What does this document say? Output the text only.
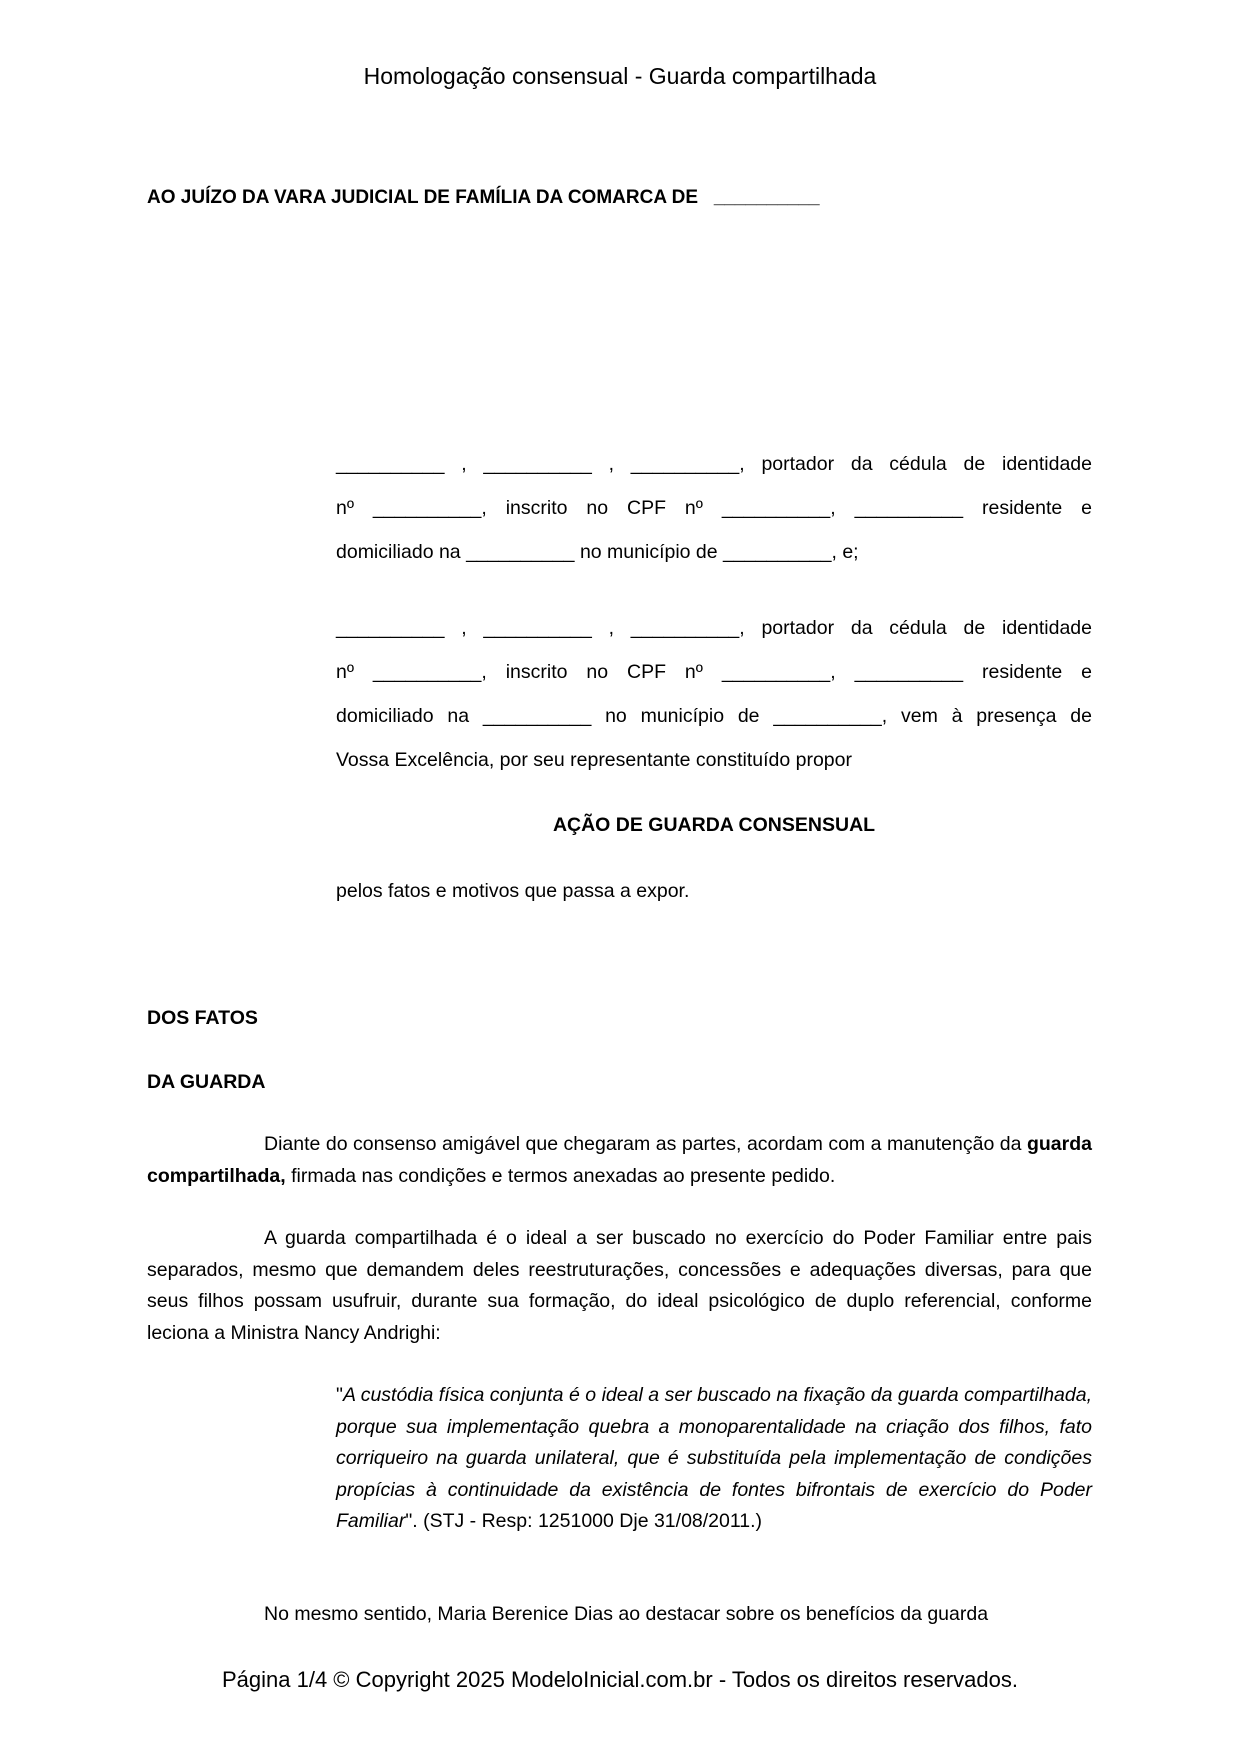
Homologação consensual - Guarda compartilhada
AO JUÍZO DA VARA JUDICIAL DE FAMÍLIA DA COMARCA DE   __________
__________ , __________ , __________, portador da cédula de identidade
nº __________, inscrito no CPF nº __________, __________ residente e
domiciliado na __________ no município de __________, e;
__________ , __________ , __________, portador da cédula de identidade
nº __________, inscrito no CPF nº __________, __________ residente e
domiciliado na __________ no município de __________, vem à presença de
Vossa Excelência, por seu representante constituído propor
AÇÃO DE GUARDA CONSENSUAL
pelos fatos e motivos que passa a expor.
DOS FATOS
DA GUARDA
Diante do consenso amigável que chegaram as partes, acordam com a manutenção da guarda compartilhada, firmada nas condições e termos anexadas ao presente pedido.
A guarda compartilhada é o ideal a ser buscado no exercício do Poder Familiar entre pais separados, mesmo que demandem deles reestruturações, concessões e adequações diversas, para que seus filhos possam usufruir, durante sua formação, do ideal psicológico de duplo referencial, conforme leciona a Ministra Nancy Andrighi:
"A custódia física conjunta é o ideal a ser buscado na fixação da guarda compartilhada, porque sua implementação quebra a monoparentalidade na criação dos filhos, fato corriqueiro na guarda unilateral, que é substituída pela implementação de condições propícias à continuidade da existência de fontes bifrontais de exercício do Poder Familiar". (STJ - Resp: 1251000 Dje 31/08/2011.)
No mesmo sentido, Maria Berenice Dias ao destacar sobre os benefícios da guarda
Página 1/4 © Copyright 2025 ModeloInicial.com.br - Todos os direitos reservados.
